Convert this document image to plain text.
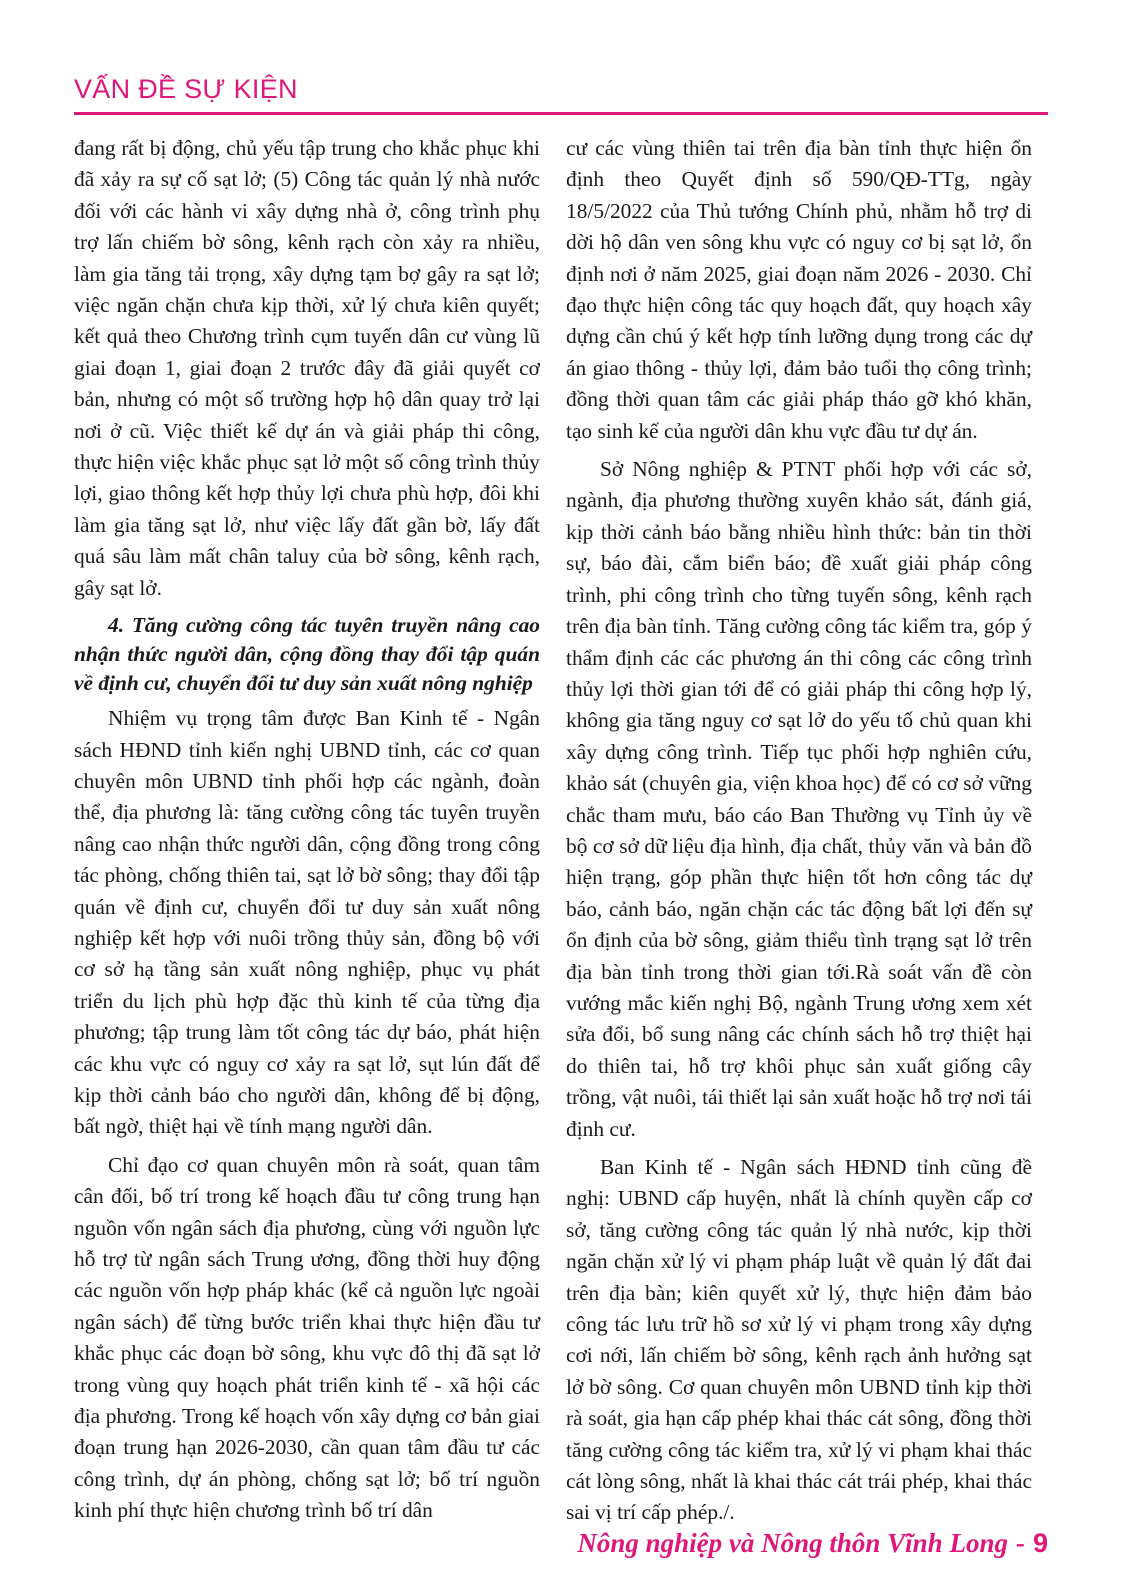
VẤN ĐỀ SỰ KIỆN

đang rất bị động, chủ yếu tập trung cho khắc phục khi đã xảy ra sự cố sạt lở; (5) Công tác quản lý nhà nước đối với các hành vi xây dựng nhà ở, công trình phụ trợ lấn chiếm bờ sông, kênh rạch còn xảy ra nhiều, làm gia tăng tải trọng, xây dựng tạm bợ gây ra sạt lở; việc ngăn chặn chưa kịp thời, xử lý chưa kiên quyết; kết quả theo Chương trình cụm tuyến dân cư vùng lũ giai đoạn 1, giai đoạn 2 trước đây đã giải quyết cơ bản, nhưng có một số trường hợp hộ dân quay trở lại nơi ở cũ. Việc thiết kế dự án và giải pháp thi công, thực hiện việc khắc phục sạt lở một số công trình thủy lợi, giao thông kết hợp thủy lợi chưa phù hợp, đôi khi làm gia tăng sạt lở, như việc lấy đất gần bờ, lấy đất quá sâu làm mất chân taluy của bờ sông, kênh rạch, gây sạt lở.

4. Tăng cường công tác tuyên truyền nâng cao nhận thức người dân, cộng đồng thay đổi tập quán về định cư, chuyển đổi tư duy sản xuất nông nghiệp

Nhiệm vụ trọng tâm được Ban Kinh tế - Ngân sách HĐND tỉnh kiến nghị UBND tỉnh, các cơ quan chuyên môn UBND tỉnh phối hợp các ngành, đoàn thể, địa phương là: tăng cường công tác tuyên truyền nâng cao nhận thức người dân, cộng đồng trong công tác phòng, chống thiên tai, sạt lở bờ sông; thay đổi tập quán về định cư, chuyển đổi tư duy sản xuất nông nghiệp kết hợp với nuôi trồng thủy sản, đồng bộ với cơ sở hạ tầng sản xuất nông nghiệp, phục vụ phát triển du lịch phù hợp đặc thù kinh tế của từng địa phương; tập trung làm tốt công tác dự báo, phát hiện các khu vực có nguy cơ xảy ra sạt lở, sụt lún đất để kịp thời cảnh báo cho người dân, không để bị động, bất ngờ, thiệt hại về tính mạng người dân.

Chỉ đạo cơ quan chuyên môn rà soát, quan tâm cân đối, bố trí trong kế hoạch đầu tư công trung hạn nguồn vốn ngân sách địa phương, cùng với nguồn lực hỗ trợ từ ngân sách Trung ương, đồng thời huy động các nguồn vốn hợp pháp khác (kể cả nguồn lực ngoài ngân sách) để từng bước triển khai thực hiện đầu tư khắc phục các đoạn bờ sông, khu vực đô thị đã sạt lở trong vùng quy hoạch phát triển kinh tế - xã hội các địa phương. Trong kế hoạch vốn xây dựng cơ bản giai đoạn trung hạn 2026-2030, cần quan tâm đầu tư các công trình, dự án phòng, chống sạt lở; bố trí nguồn kinh phí thực hiện chương trình bố trí dân

cư các vùng thiên tai trên địa bàn tỉnh thực hiện ổn định theo Quyết định số 590/QĐ-TTg, ngày 18/5/2022 của Thủ tướng Chính phủ, nhằm hỗ trợ di dời hộ dân ven sông khu vực có nguy cơ bị sạt lở, ổn định nơi ở năm 2025, giai đoạn năm 2026 - 2030. Chỉ đạo thực hiện công tác quy hoạch đất, quy hoạch xây dựng cần chú ý kết hợp tính lưỡng dụng trong các dự án giao thông - thủy lợi, đảm bảo tuổi thọ công trình; đồng thời quan tâm các giải pháp tháo gỡ khó khăn, tạo sinh kế của người dân khu vực đầu tư dự án.

Sở Nông nghiệp & PTNT phối hợp với các sở, ngành, địa phương thường xuyên khảo sát, đánh giá, kịp thời cảnh báo bằng nhiều hình thức: bản tin thời sự, báo đài, cắm biển báo; đề xuất giải pháp công trình, phi công trình cho từng tuyến sông, kênh rạch trên địa bàn tỉnh. Tăng cường công tác kiểm tra, góp ý thẩm định các các phương án thi công các công trình thủy lợi thời gian tới để có giải pháp thi công hợp lý, không gia tăng nguy cơ sạt lở do yếu tố chủ quan khi xây dựng công trình. Tiếp tục phối hợp nghiên cứu, khảo sát (chuyên gia, viện khoa học) để có cơ sở vững chắc tham mưu, báo cáo Ban Thường vụ Tỉnh ủy về bộ cơ sở dữ liệu địa hình, địa chất, thủy văn và bản đồ hiện trạng, góp phần thực hiện tốt hơn công tác dự báo, cảnh báo, ngăn chặn các tác động bất lợi đến sự ổn định của bờ sông, giảm thiểu tình trạng sạt lở trên địa bàn tỉnh trong thời gian tới.Rà soát vấn đề còn vướng mắc kiến nghị Bộ, ngành Trung ương xem xét sửa đổi, bổ sung nâng các chính sách hỗ trợ thiệt hại do thiên tai, hỗ trợ khôi phục sản xuất giống cây trồng, vật nuôi, tái thiết lại sản xuất hoặc hỗ trợ nơi tái định cư.

Ban Kinh tế - Ngân sách HĐND tỉnh cũng đề nghị: UBND cấp huyện, nhất là chính quyền cấp cơ sở, tăng cường công tác quản lý nhà nước, kịp thời ngăn chặn xử lý vi phạm pháp luật về quản lý đất đai trên địa bàn; kiên quyết xử lý, thực hiện đảm bảo công tác lưu trữ hồ sơ xử lý vi phạm trong xây dựng cơi nới, lấn chiếm bờ sông, kênh rạch ảnh hưởng sạt lở bờ sông. Cơ quan chuyên môn UBND tỉnh kịp thời rà soát, gia hạn cấp phép khai thác cát sông, đồng thời tăng cường công tác kiểm tra, xử lý vi phạm khai thác cát lòng sông, nhất là khai thác cát trái phép, khai thác sai vị trí cấp phép./.

Nông nghiệp và Nông thôn Vĩnh Long - 9
